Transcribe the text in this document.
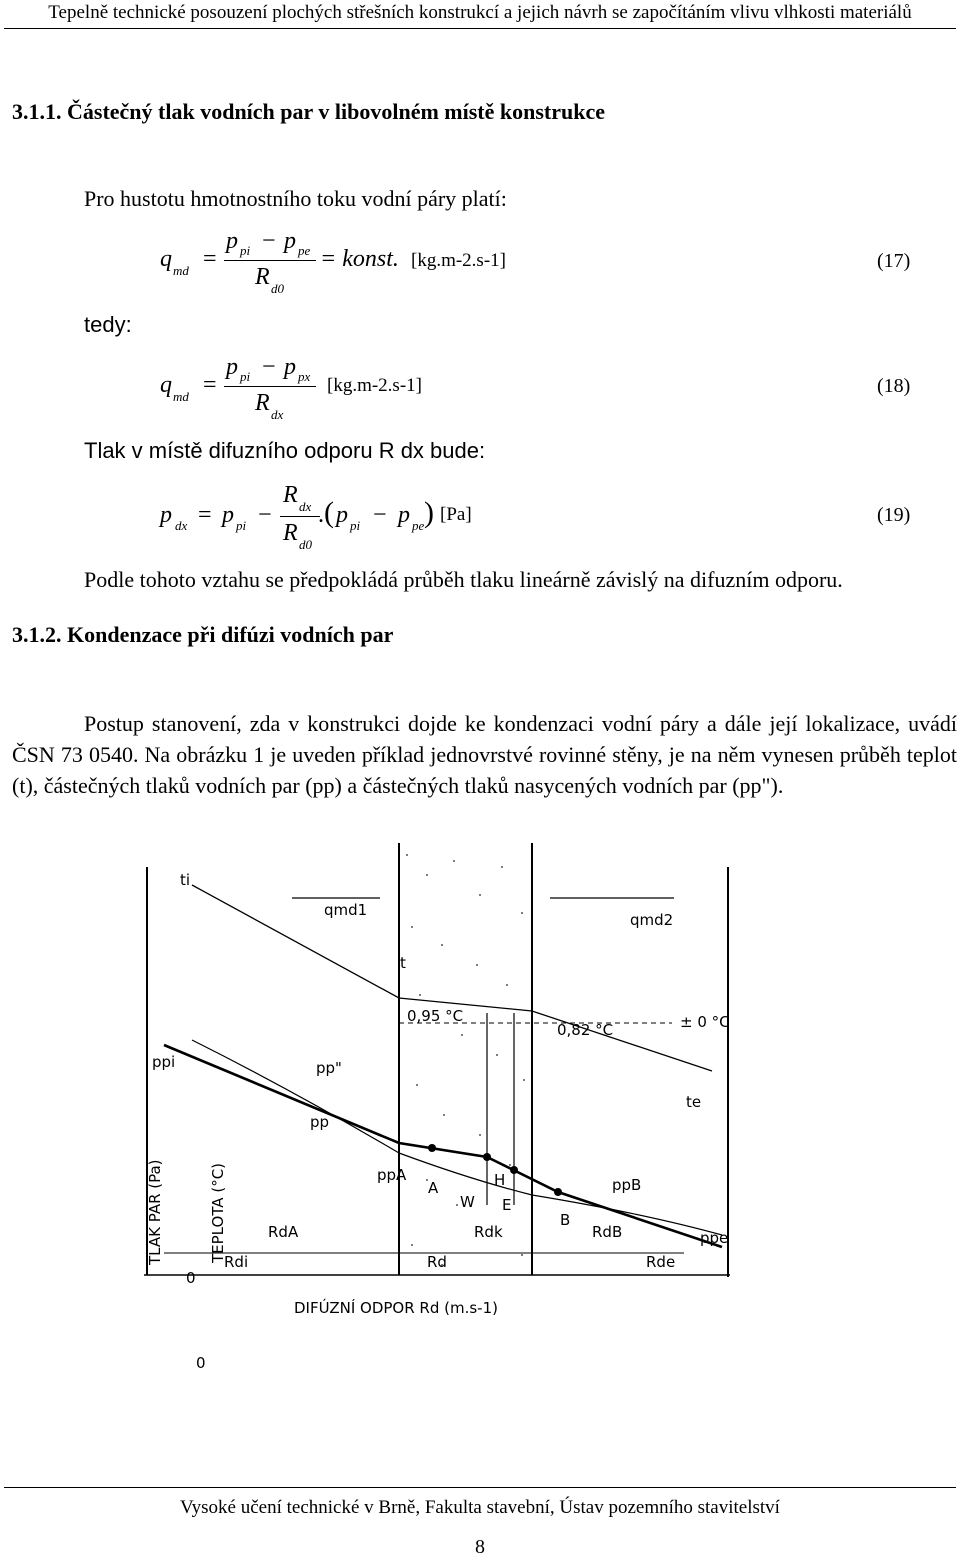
Tepelně technické posouzení plochých střešních konstrukcí a jejich návrh se započítáním vlivu vlhkosti materiálů
3.1.1. Částečný tlak vodních par v libovolném místě konstrukce
Pro hustotu hmotnostního toku vodní páry platí:
q md =
p pi − p pe
R d0
= konst. [kg.m-2.s-1]	(17)
tedy:
q md =
p pi − p px
R dx
[kg.m-2.s-1]	(18)
Tlak v místě difuzního odporu R dx bude:
p dx = p pi −
R dx
R d0
. ( p pi − p pe ) [Pa]	(19)
Podle tohoto vztahu se předpokládá průběh tlaku lineárně závislý na difuzním odporu.
3.1.2. Kondenzace při difúzi vodních par
Postup stanovení, zda v konstrukci dojde ke kondenzaci vodní páry a dále její lokalizace, uvádí ČSN 73 0540. Na obrázku 1 je uveden příklad jednovrstvé rovinné stěny, je na něm vynesen průběh teplot (t), částečných tlaků vodních par (pp) a částečných tlaků nasycených vodních par (pp").
ti
qmd1
qmd2
t
0,95 °C
0,82 °C	± 0 °C
ppi	pp"
pp
te
ppA
A	H
W E
ppB
B
ppe
RdA	Rdk	RdB
Rdi	Rd	Rde
0
0
DIFÚZNÍ ODPOR Rd (m.s-1)
TLAK PÁR (Pa)	TEPLOTA (°C)
Vysoké učení technické v Brně, Fakulta stavební, Ústav pozemního stavitelství
8
